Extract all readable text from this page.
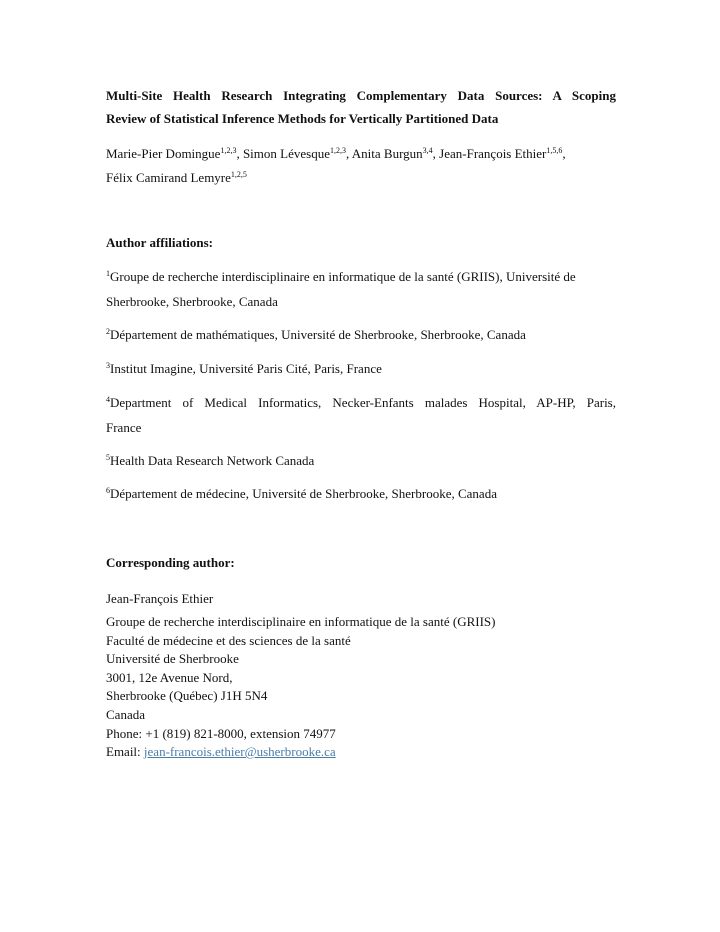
Multi-Site Health Research Integrating Complementary Data Sources: A Scoping
Review of Statistical Inference Methods for Vertically Partitioned Data
Marie-Pier Domingue$^{1,2,3}$, Simon Lévesque$^{1,2,3}$, Anita Burgun$^{3,4}$, Jean-François Ethier$^{1,5,6}$,
Félix Camirand Lemyre$^{1,2,5}$
Author affiliations:
$^1$Groupe de recherche interdisciplinaire en informatique de la santé (GRIIS), Université de
Sherbrooke, Sherbrooke, Canada
$^2$Département de mathématiques, Université de Sherbrooke, Sherbrooke, Canada
$^3$Institut Imagine, Université Paris Cité, Paris, France
$^4$Department of Medical Informatics, Necker-Enfants malades Hospital, AP-HP, Paris,
France
$^5$Health Data Research Network Canada
$^6$Département de médecine, Université de Sherbrooke, Sherbrooke, Canada
Corresponding author:
Jean-François Ethier
Groupe de recherche interdisciplinaire en informatique de la santé (GRIIS)
Faculté de médecine et des sciences de la santé
Université de Sherbrooke
3001, 12e Avenue Nord,
Sherbrooke (Québec) J1H 5N4
Canada
Phone: +1 (819) 821-8000, extension 74977
Email: jean-francois.ethier@usherbrooke.ca
